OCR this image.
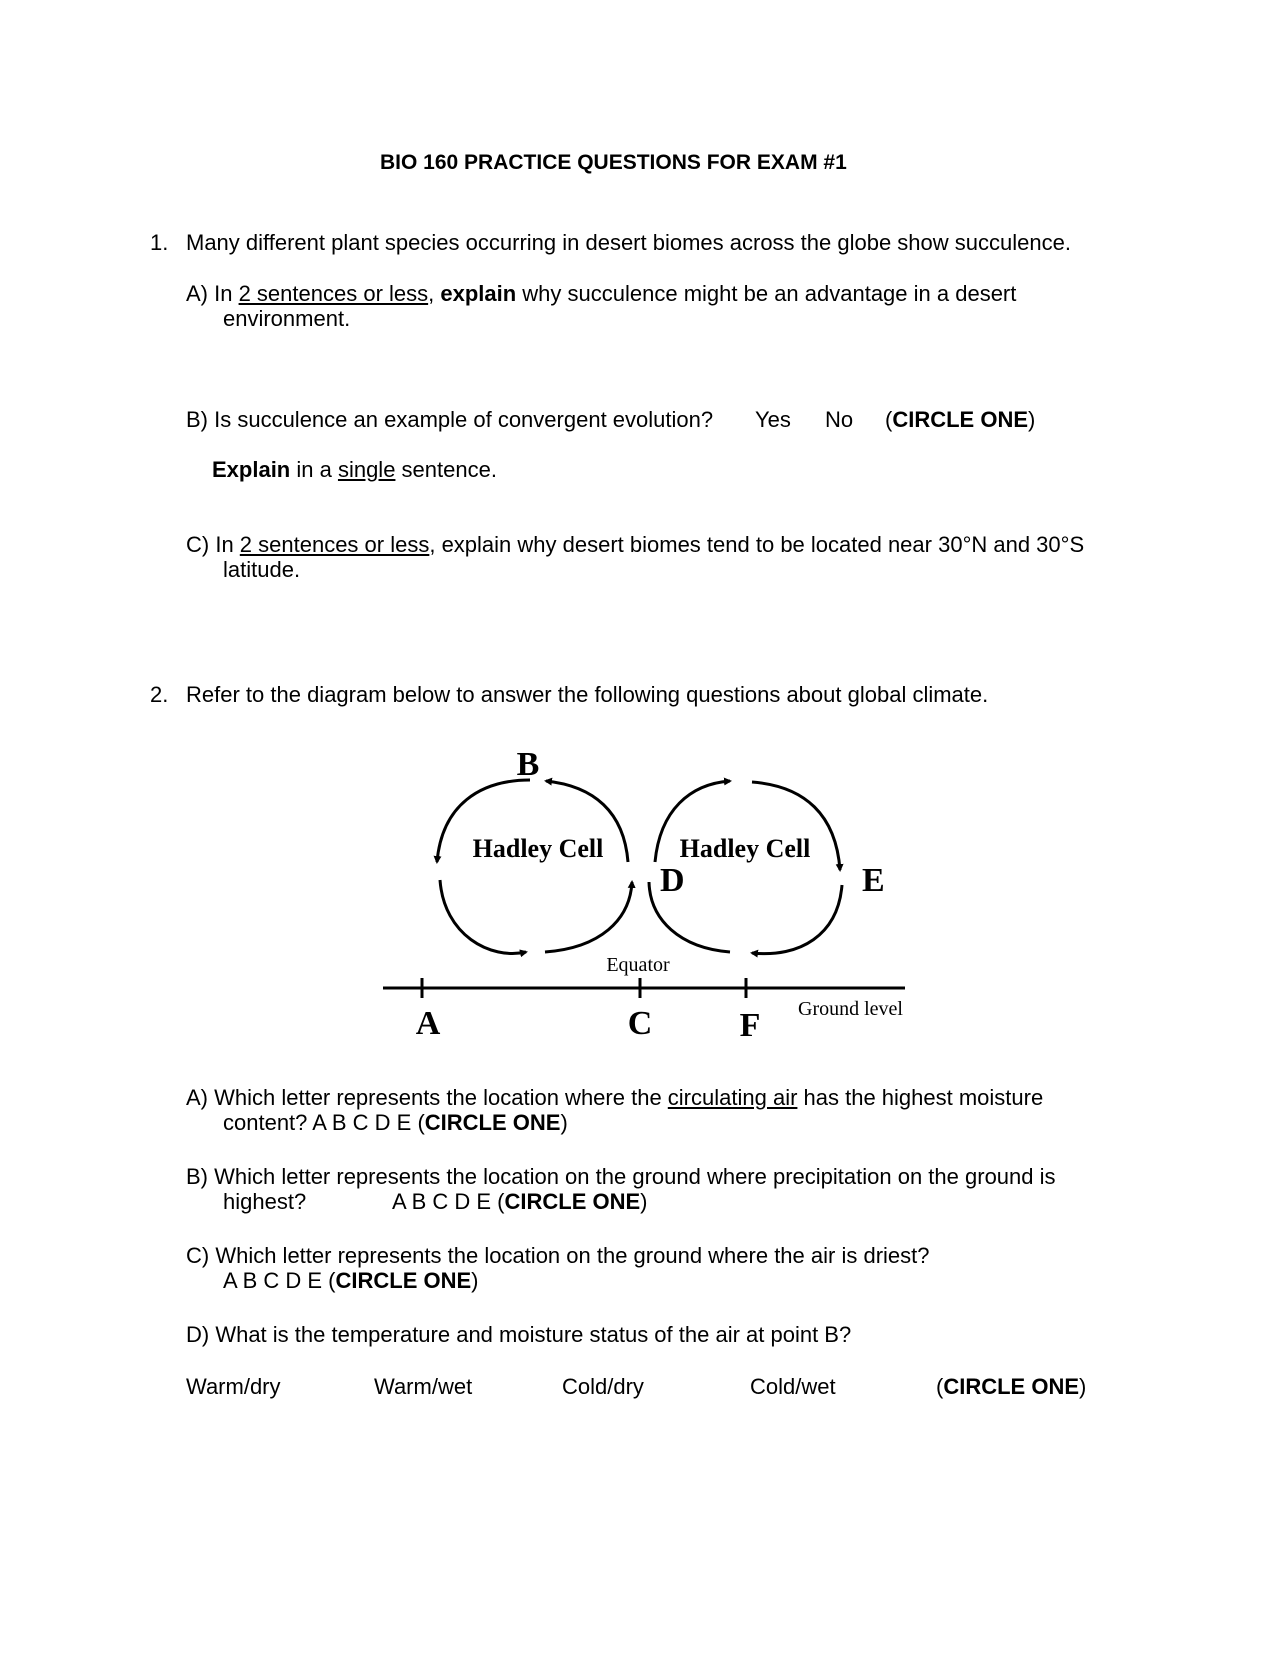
BIO 160 PRACTICE QUESTIONS FOR EXAM #1
1. Many different plant species occurring in desert biomes across the globe show succulence.
A) In 2 sentences or less, explain why succulence might be an advantage in a desert
environment.
B) Is succulence an example of convergent evolution? Yes No (CIRCLE ONE)
Explain in a single sentence.
C) In 2 sentences or less, explain why desert biomes tend to be located near 30°N and 30°S
latitude.
2. Refer to the diagram below to answer the following questions about global climate.
B
Hadley Cell	Hadley Cell
D	E
Equator
Ground level
A	C	F
A) Which letter represents the location where the circulating air has the highest moisture
content? A B C D E (CIRCLE ONE)
B) Which letter represents the location on the ground where precipitation on the ground is
highest?	A B C D E (CIRCLE ONE)
C) Which letter represents the location on the ground where the air is driest?
A B C D E (CIRCLE ONE)
D) What is the temperature and moisture status of the air at point B?
Warm/dry	Warm/wet	Cold/dry	Cold/wet	(CIRCLE ONE)
